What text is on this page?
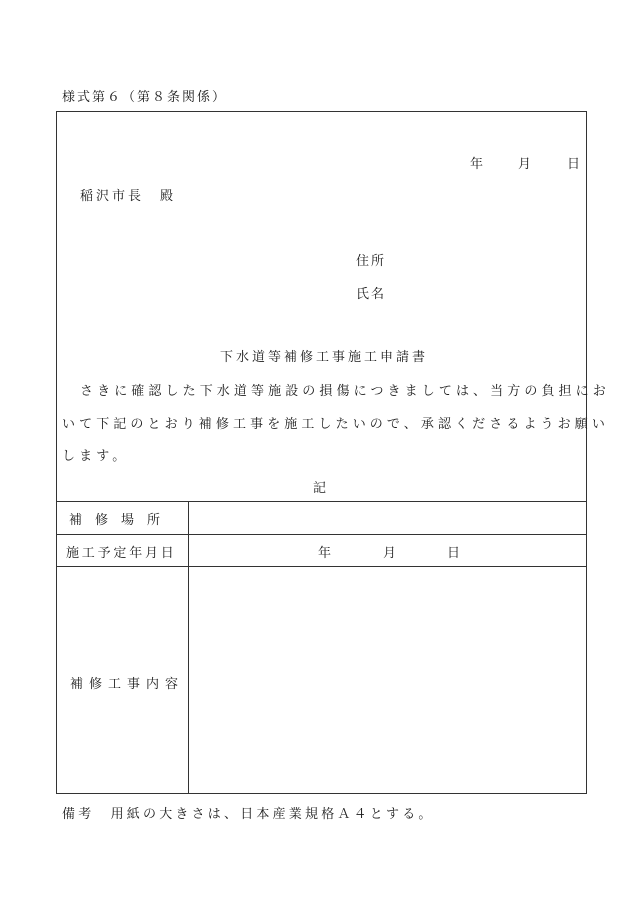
様式第６（第８条関係）
年	月	日
稲沢市長　殿
住所
氏名
下水道等補修工事施工申請書
さきに確認した下水道等施設の損傷につきましては、当方の負担にお
いて下記のとおり補修工事を施工したいので、承認くださるようお願い
します。
記
補修場所
施工予定年月日	年	月	日
補修工事内容
備考　用紙の大きさは、日本産業規格Ａ４とする。
